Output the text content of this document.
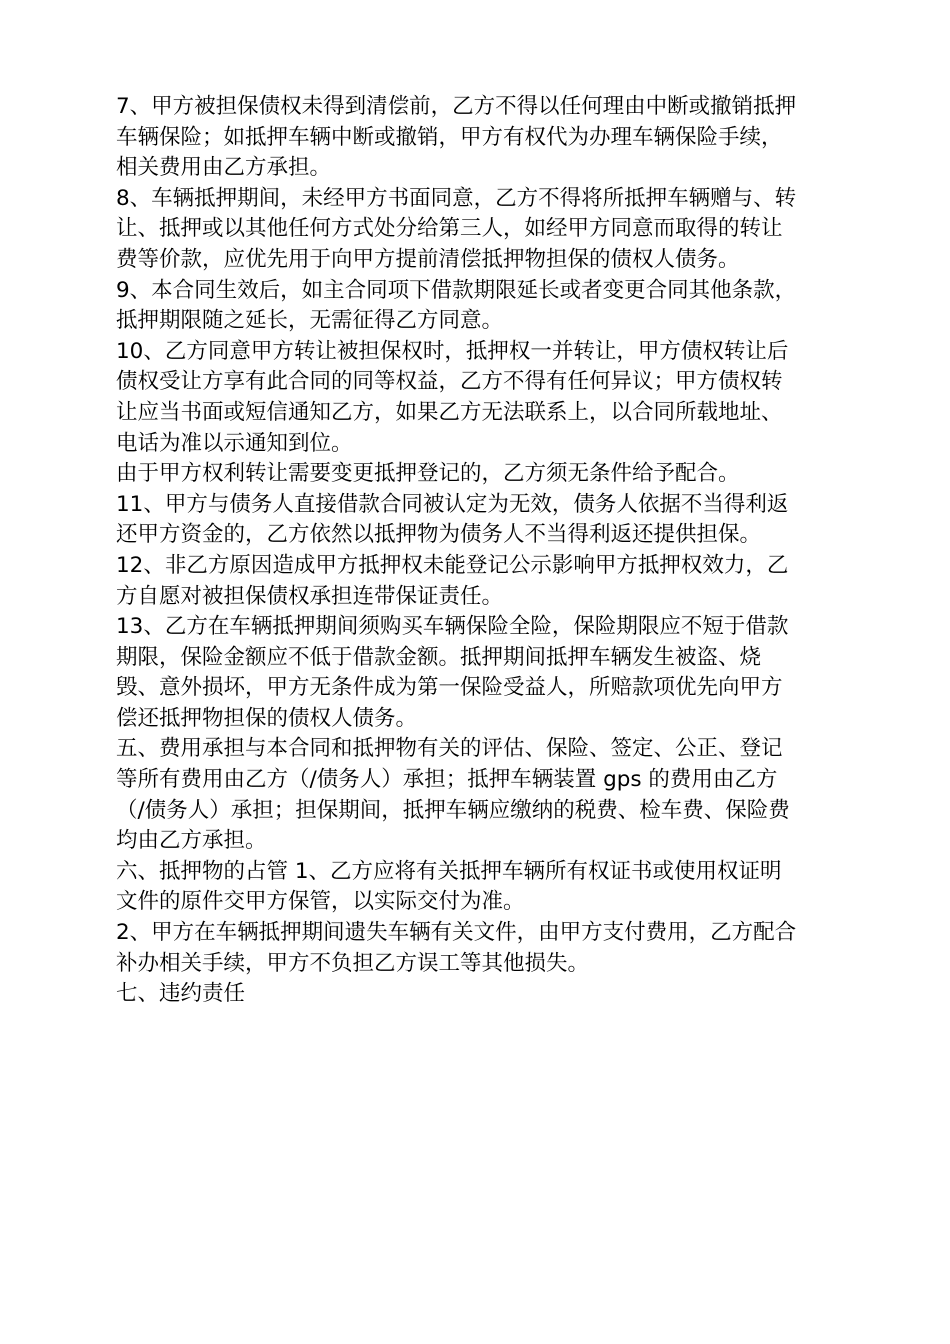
7、甲方被担保债权未得到清偿前，乙方不得以任何理由中断或撤销抵押
车辆保险；如抵押车辆中断或撤销，甲方有权代为办理车辆保险手续，
相关费用由乙方承担。
8、车辆抵押期间，未经甲方书面同意，乙方不得将所抵押车辆赠与、转
让、抵押或以其他任何方式处分给第三人，如经甲方同意而取得的转让
费等价款，应优先用于向甲方提前清偿抵押物担保的债权人债务。
9、本合同生效后，如主合同项下借款期限延长或者变更合同其他条款，
抵押期限随之延长，无需征得乙方同意。
10、乙方同意甲方转让被担保权时，抵押权一并转让，甲方债权转让后
债权受让方享有此合同的同等权益，乙方不得有任何异议；甲方债权转
让应当书面或短信通知乙方，如果乙方无法联系上，以合同所载地址、
电话为准以示通知到位。
由于甲方权利转让需要变更抵押登记的，乙方须无条件给予配合。
11、甲方与债务人直接借款合同被认定为无效，债务人依据不当得利返
还甲方资金的，乙方依然以抵押物为债务人不当得利返还提供担保。
12、非乙方原因造成甲方抵押权未能登记公示影响甲方抵押权效力，乙
方自愿对被担保债权承担连带保证责任。
13、乙方在车辆抵押期间须购买车辆保险全险，保险期限应不短于借款
期限，保险金额应不低于借款金额。抵押期间抵押车辆发生被盗、烧
毁、意外损坏，甲方无条件成为第一保险受益人，所赔款项优先向甲方
偿还抵押物担保的债权人债务。
五、费用承担与本合同和抵押物有关的评估、保险、签定、公正、登记
等所有费用由乙方（/债务人）承担；抵押车辆装置 gps 的费用由乙方
（/债务人）承担；担保期间，抵押车辆应缴纳的税费、检车费、保险费
均由乙方承担。
六、抵押物的占管 1、乙方应将有关抵押车辆所有权证书或使用权证明
文件的原件交甲方保管，以实际交付为准。
2、甲方在车辆抵押期间遗失车辆有关文件，由甲方支付费用，乙方配合
补办相关手续，甲方不负担乙方误工等其他损失。
七、违约责任
